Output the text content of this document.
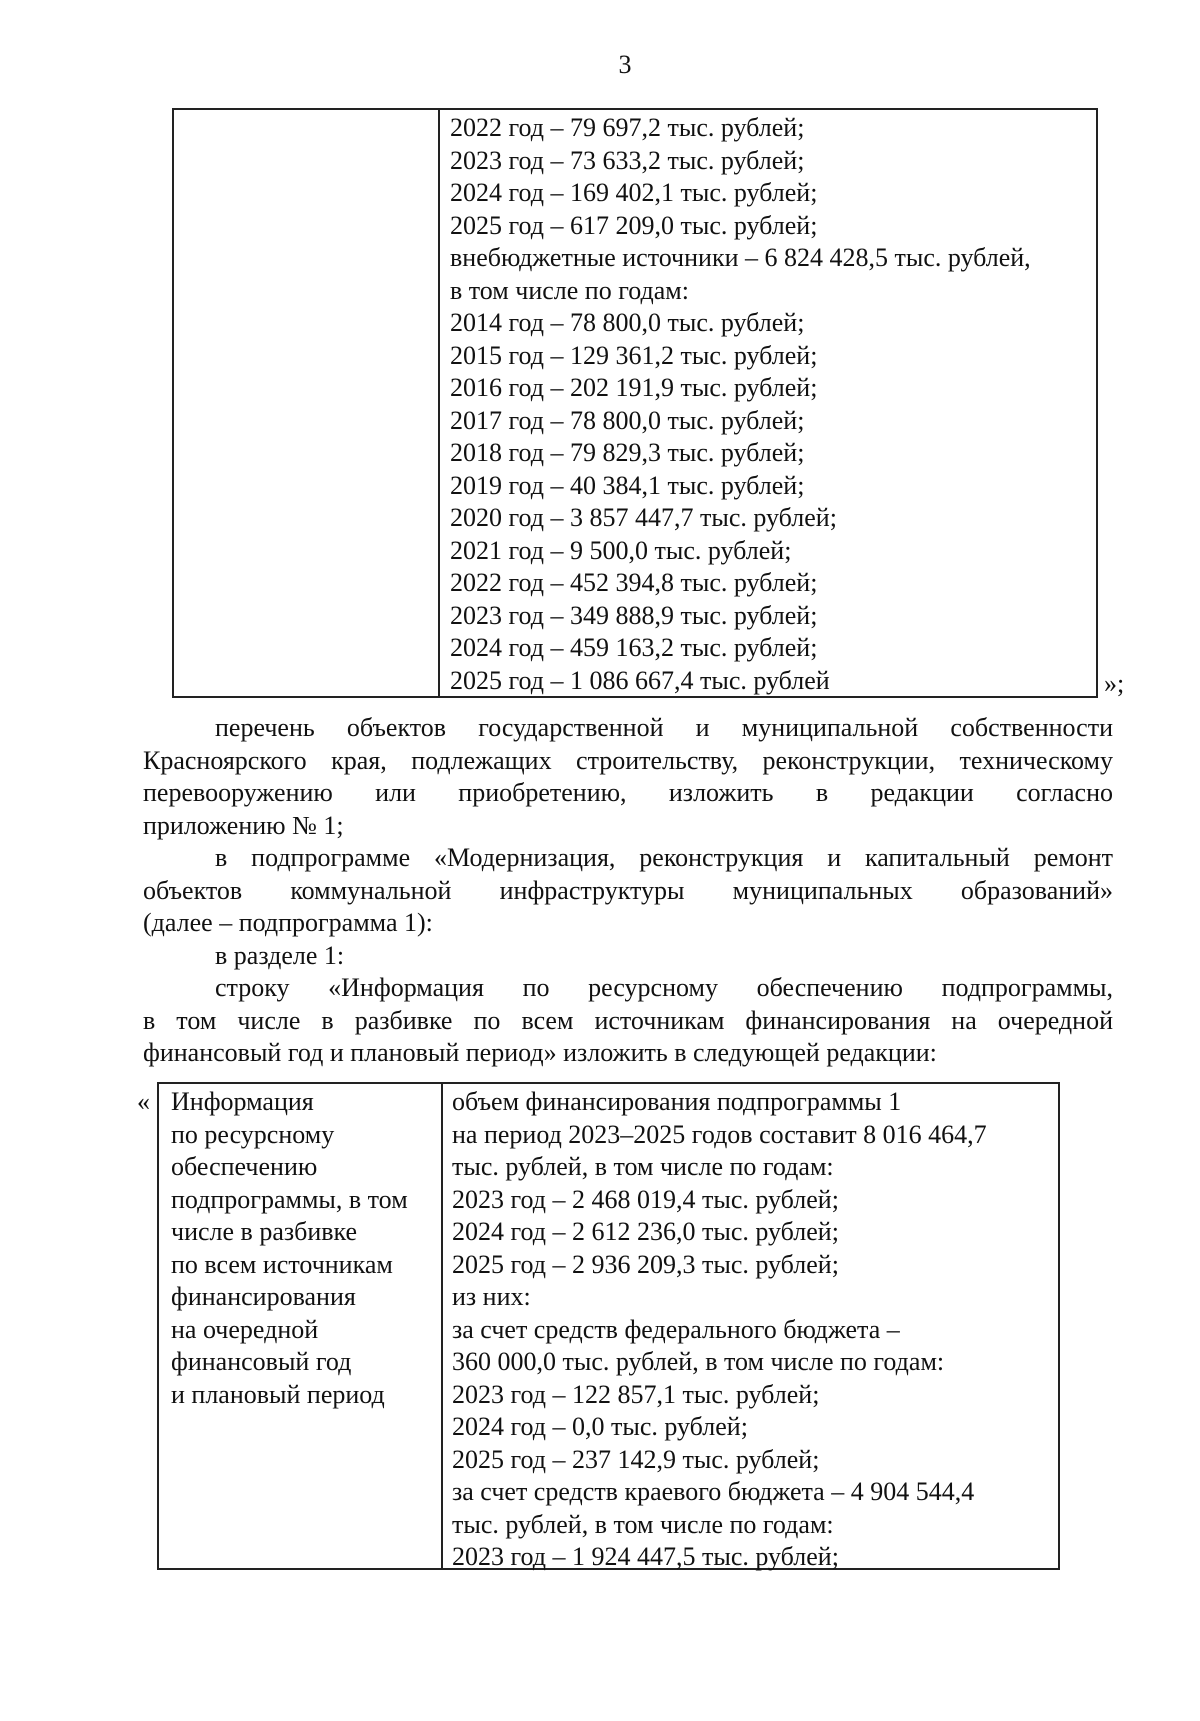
3
2022 год – 79 697,2 тыс. рублей;
2023 год – 73 633,2 тыс. рублей;
2024 год – 169 402,1 тыс. рублей;
2025 год – 617 209,0 тыс. рублей;
внебюджетные источники – 6 824 428,5 тыс. рублей,
в том числе по годам:
2014 год – 78 800,0 тыс. рублей;
2015 год – 129 361,2 тыс. рублей;
2016 год – 202 191,9 тыс. рублей;
2017 год – 78 800,0 тыс. рублей;
2018 год – 79 829,3 тыс. рублей;
2019 год – 40 384,1 тыс. рублей;
2020 год – 3 857 447,7 тыс. рублей;
2021 год – 9 500,0 тыс. рублей;
2022 год – 452 394,8 тыс. рублей;
2023 год – 349 888,9 тыс. рублей;
2024 год – 459 163,2 тыс. рублей;
2025 год – 1 086 667,4 тыс. рублей	»;
перечень объектов государственной и муниципальной собственности
Красноярского края, подлежащих строительству, реконструкции, техническому
перевооружению или приобретению, изложить в редакции согласно
приложению № 1;
в подпрограмме «Модернизация, реконструкция и капитальный ремонт
объектов коммунальной инфраструктуры муниципальных образований»
(далее – подпрограмма 1):
в разделе 1:
строку «Информация по ресурсному обеспечению подпрограммы,
в том числе в разбивке по всем источникам финансирования на очередной
финансовый год и плановый период» изложить в следующей редакции:
« Информация
по ресурсному
обеспечению
подпрограммы, в том
числе в разбивке
по всем источникам
финансирования
на очередной
финансовый год
и плановый период
объем финансирования подпрограммы 1
на период 2023–2025 годов составит 8 016 464,7
тыс. рублей, в том числе по годам:
2023 год – 2 468 019,4 тыс. рублей;
2024 год – 2 612 236,0 тыс. рублей;
2025 год – 2 936 209,3 тыс. рублей;
из них:
за счет средств федерального бюджета –
360 000,0 тыс. рублей, в том числе по годам:
2023 год – 122 857,1 тыс. рублей;
2024 год – 0,0 тыс. рублей;
2025 год – 237 142,9 тыс. рублей;
за счет средств краевого бюджета – 4 904 544,4
тыс. рублей, в том числе по годам:
2023 год – 1 924 447,5 тыс. рублей;
